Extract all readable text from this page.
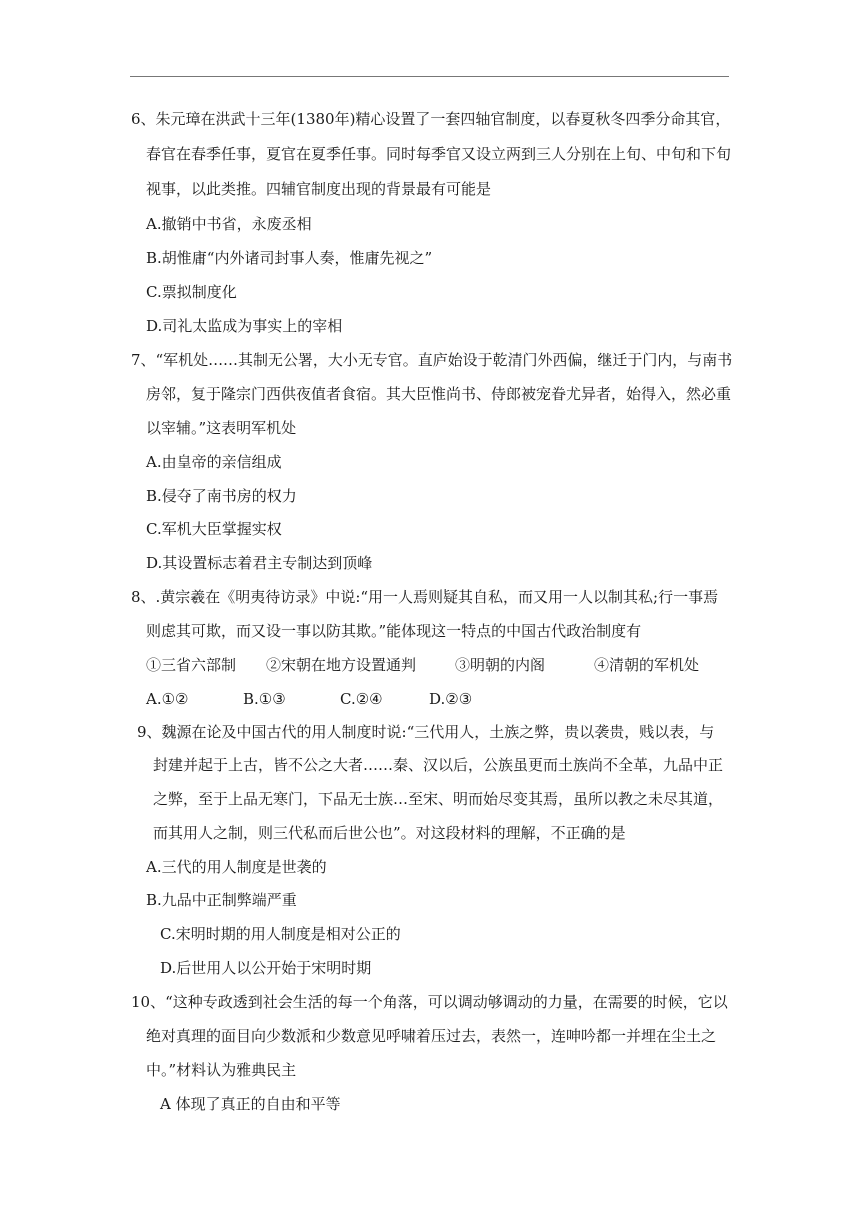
6、朱元璋在洪武十三年(1380年)精心设置了一套四轴官制度，以春夏秋冬四季分命其官，
春官在春季任事，夏官在夏季任事。同时每季官又设立两到三人分别在上旬、中旬和下旬
视事，以此类推。四辅官制度出现的背景最有可能是
A.撤销中书省，永废丞相
B.胡惟庸“内外诸司封事人奏，惟庸先视之”
C.票拟制度化
D.司礼太监成为事实上的宰相
7、“军机处……其制无公署，大小无专官。直庐始设于乾清门外西偏，继迁于门内，与南书
房邻，复于隆宗门西供夜值者食宿。其大臣惟尚书、侍郎被宠眷尤异者，始得入，然必重
以宰辅。”这表明军机处
A.由皇帝的亲信组成
B.侵夺了南书房的权力
C.军机大臣掌握实权
D.其设置标志着君主专制达到顶峰
8、.黄宗羲在《明夷待访录》中说:“用一人焉则疑其自私，而又用一人以制其私;行一事焉
则虑其可欺，而又设一事以防其欺。”能体现这一特点的中国古代政治制度有
①三省六部制 ②宋朝在地方设置通判	③明朝的内阁	④清朝的军机处
A.①②	B.①③	C.②④	D.②③
9、魏源在论及中国古代的用人制度时说:“三代用人，土族之弊，贵以袭贵，贱以表，与
封建并起于上古，皆不公之大者……秦、汉以后，公族虽更而土族尚不全革，九品中正
之弊，至于上品无寒门，下品无士族…至宋、明而始尽变其焉，虽所以教之未尽其道，
而其用人之制，则三代私而后世公也”。对这段材料的理解，不正确的是
A.三代的用人制度是世袭的
B.九品中正制弊端严重
C.宋明时期的用人制度是相对公正的
D.后世用人以公开始于宋明时期
10、“这种专政透到社会生活的每一个角落，可以调动够调动的力量，在需要的时候，它以
绝对真理的面目向少数派和少数意见呼啸着压过去，表然一，连呻吟都一并埋在尘土之
中。”材料认为雅典民主
A 体现了真正的自由和平等
